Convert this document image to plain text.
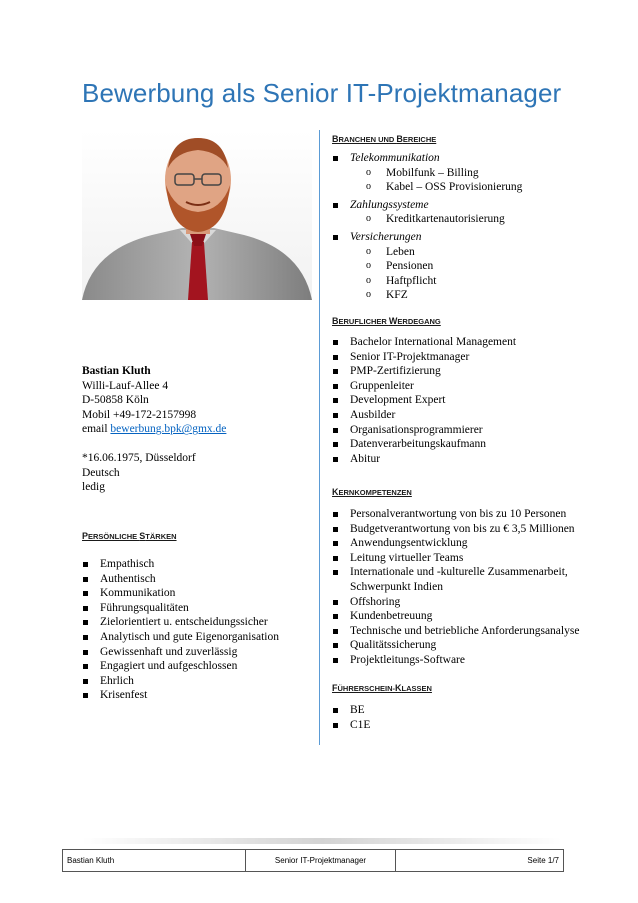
Bewerbung als Senior IT-Projektmanager
Bastian Kluth
Willi-Lauf-Allee 4
D-50858 Köln
Mobil +49-172-2157998
email bewerbung.bpk@gmx.de
*16.06.1975, Düsseldorf
Deutsch
ledig
PERSÖNLICHE STÄRKEN
Empathisch
Authentisch
Kommunikation
Führungsqualitäten
Zielorientiert u. entscheidungssicher
Analytisch und gute Eigenorganisation
Gewissenhaft und zuverlässig
Engagiert und aufgeschlossen
Ehrlich
Krisenfest
BRANCHEN UND BEREICHE
Telekommunikation
o Mobilfunk – Billing
o Kabel – OSS Provisionierung
Zahlungssysteme
o Kreditkartenautorisierung
Versicherungen
o Leben
o Pensionen
o Haftpflicht
o KFZ
BERUFLICHER WERDEGANG
Bachelor International Management
Senior IT-Projektmanager
PMP-Zertifizierung
Gruppenleiter
Development Expert
Ausbilder
Organisationsprogrammierer
Datenverarbeitungskaufmann
Abitur
KERNKOMPETENZEN
Personalverantwortung von bis zu 10 Personen
Budgetverantwortung von bis zu € 3,5 Millionen
Anwendungsentwicklung
Leitung virtueller Teams
Internationale und -kulturelle Zusammenarbeit, Schwerpunkt Indien
Offshoring
Kundenbetreuung
Technische und betriebliche Anforderungsanalyse
Qualitätssicherung
Projektleitungs-Software
FÜHRERSCHEIN-KLASSEN
BE
C1E
Bastian Kluth	Senior IT-Projektmanager	Seite 1/7
